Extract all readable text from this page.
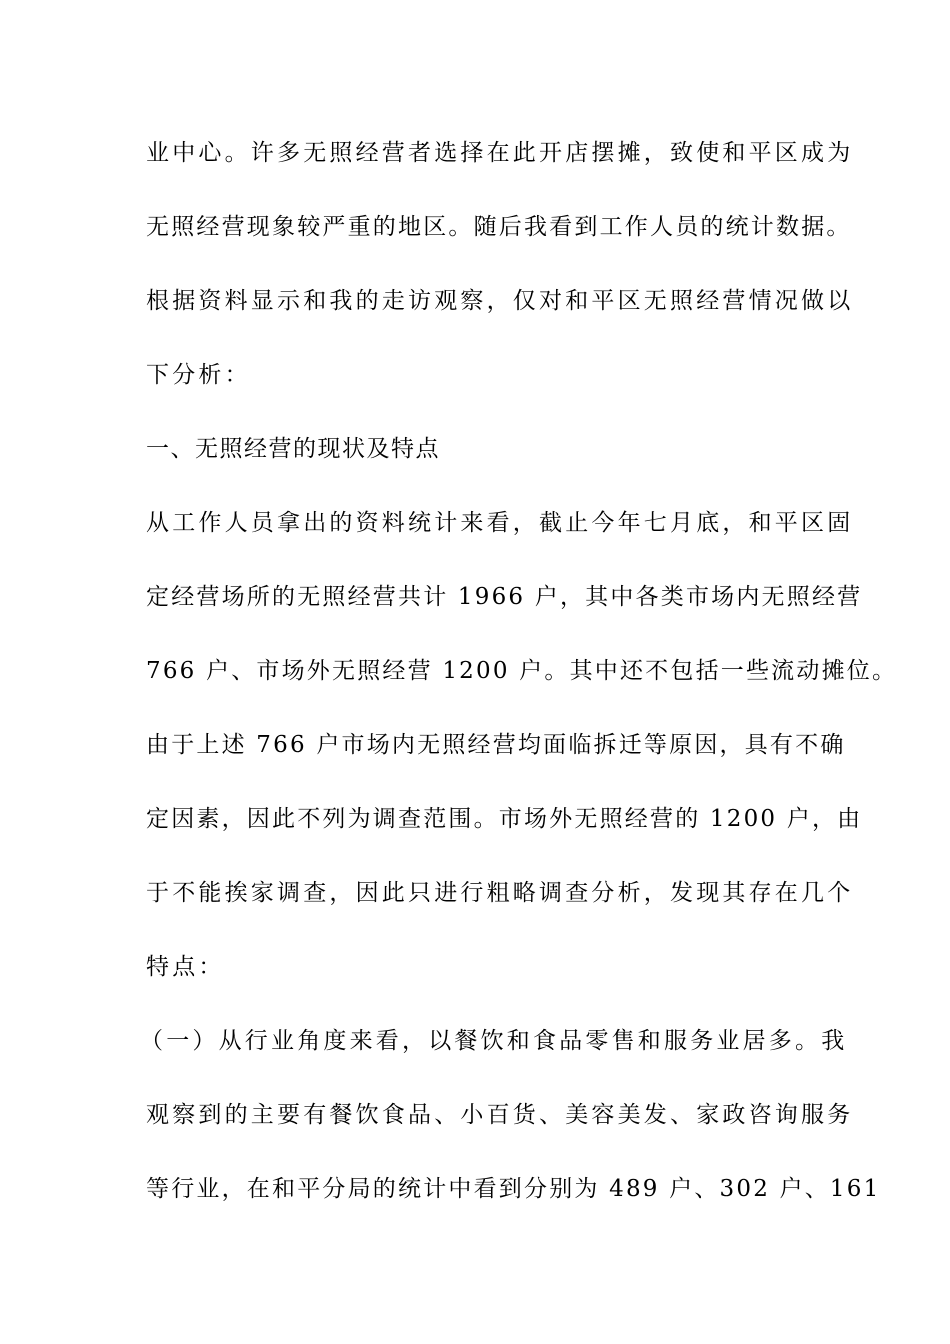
业中心。许多无照经营者选择在此开店摆摊，致使和平区成为

无照经营现象较严重的地区。随后我看到工作人员的统计数据。

根据资料显示和我的走访观察，仅对和平区无照经营情况做以

下分析：

一、无照经营的现状及特点

从工作人员拿出的资料统计来看，截止今年七月底，和平区固

定经营场所的无照经营共计 1966 户，其中各类市场内无照经营

766 户、市场外无照经营 1200 户。其中还不包括一些流动摊位。

由于上述 766 户市场内无照经营均面临拆迁等原因，具有不确

定因素，因此不列为调查范围。市场外无照经营的 1200 户，由

于不能挨家调查，因此只进行粗略调查分析，发现其存在几个

特点：

（一）从行业角度来看，以餐饮和食品零售和服务业居多。我

观察到的主要有餐饮食品、小百货、美容美发、家政咨询服务

等行业，在和平分局的统计中看到分别为 489 户、302 户、161
